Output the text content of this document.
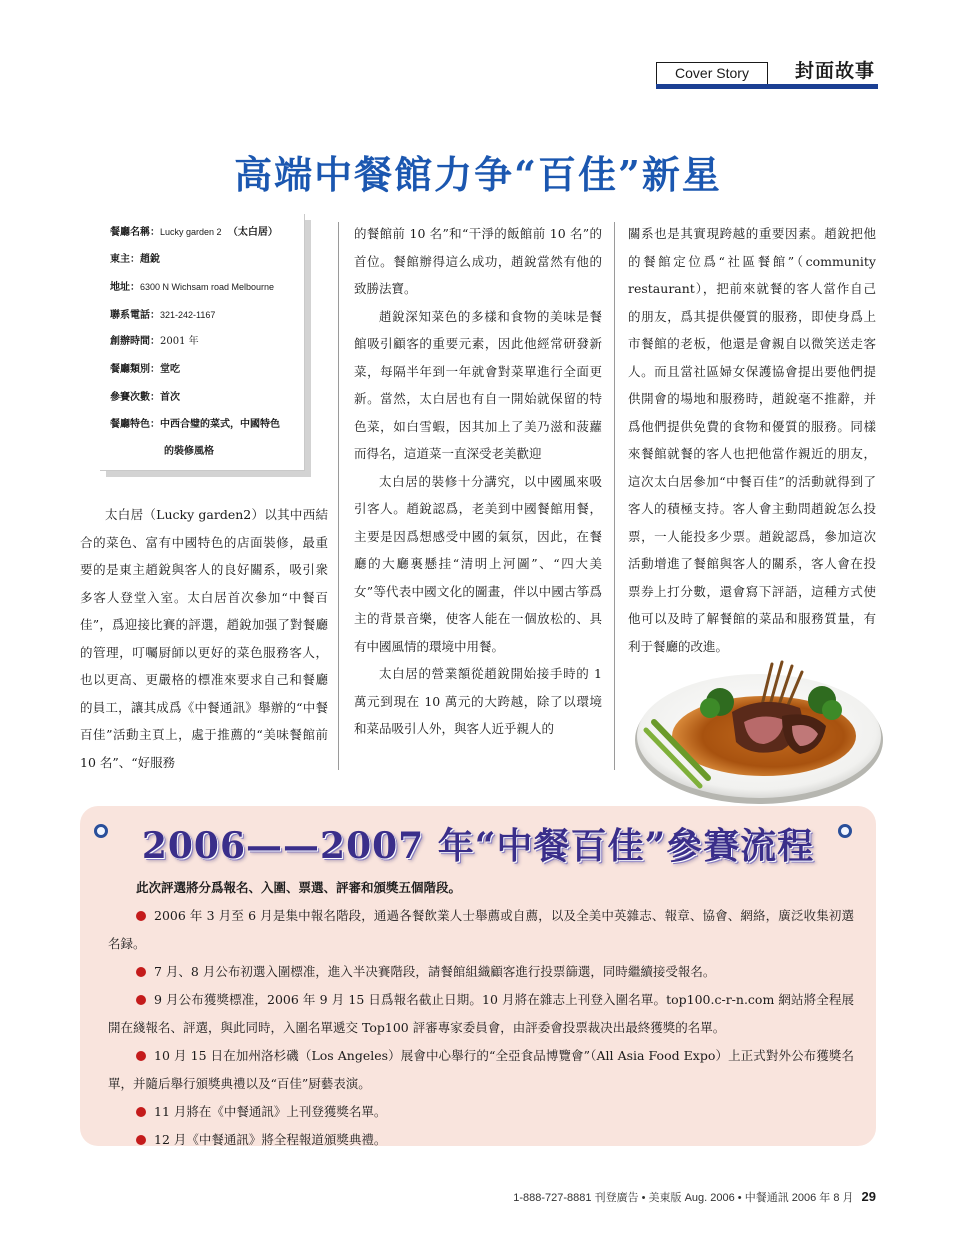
Cover Story	封面故事
高端中餐館力争“百佳”新星
餐廳名稱：Lucky garden 2 （太白居）
東主：趙銳
地址：6300 N Wichsam road Melbourne
聯系電話：321-242-1167
創辦時間：2001 年
餐廳類別：堂吃
參賽次數：首次
餐廳特色：中西合璧的菜式，中國特色
的裝修風格

太白居（Lucky garden2）以其中西結合的菜色、富有中國特色的店面裝修，最重要的是東主趙銳與客人的良好關系，吸引衆多客人登堂入室。太白居首次參加“中餐百佳”，爲迎接比賽的評選，趙銳加强了對餐廳的管理，叮囑厨師以更好的菜色服務客人，也以更高、更嚴格的標准來要求自己和餐廳的員工，讓其成爲《中餐通訊》舉辦的“中餐百佳”活動主頁上，處于推薦的“美味餐館前 10 名”、“好服務

的餐館前 10 名”和“干淨的飯館前 10 名”的首位。餐館辦得這么成功，趙銳當然有他的致勝法寶。

趙銳深知菜色的多樣和食物的美味是餐館吸引顧客的重要元素，因此他經常研發新菜，每隔半年到一年就會對菜單進行全面更新。當然，太白居也有自一開始就保留的特色菜，如白雪蝦，因其加上了美乃滋和菠蘿而得名，這道菜一直深受老美歡迎

太白居的裝修十分講究，以中國風來吸引客人。趙銳認爲，老美到中國餐館用餐，主要是因爲想感受中國的氣氛，因此，在餐廳的大廳裏懸挂“清明上河圖”、“四大美女”等代表中國文化的圖畫，伴以中國古筝爲主的背景音樂，使客人能在一個放松的、具有中國風情的環境中用餐。

太白居的營業額從趙銳開始接手時的 1 萬元到現在 10 萬元的大跨越，除了以環境和菜品吸引人外，與客人近乎親人的

關系也是其實現跨越的重要因素。趙銳把他的餐館定位爲“社區餐館”（community restaurant），把前來就餐的客人當作自己的朋友，爲其提供優質的服務，即使身爲上市餐館的老板，他還是會親自以微笑送走客人。而且當社區婦女保護協會提出要他們提供開會的場地和服務時，趙銳毫不推辭，并爲他們提供免費的食物和優質的服務。同樣來餐館就餐的客人也把他當作親近的朋友，這次太白居參加“中餐百佳”的活動就得到了客人的積極支持。客人會主動問趙銳怎么投票，一人能投多少票。趙銳認爲，參加這次活動增進了餐館與客人的關系，客人會在投票券上打分數，還會寫下評語，這種方式使他可以及時了解餐館的菜品和服務質量，有利于餐廳的改進。

2006——2007 年“中餐百佳”參賽流程
此次評選將分爲報名、入圍、票選、評審和頒獎五個階段。

2006 年 3 月至 6 月是集中報名階段，通過各餐飲業人士舉薦或自薦，以及全美中英雜志、報章、協會、網絡，廣泛收集初選名録。

7 月、8 月公布初選入圍標准，進入半决賽階段，請餐館組織顧客進行投票篩選，同時繼續接受報名。

9 月公布獲獎標准，2006 年 9 月 15 日爲報名截止日期。10 月將在雜志上刊登入圍名單。top100.c-r-n.com 網站將全程展開在綫報名、評選，與此同時，入圍名單遞交 Top100 評審專家委員會，由評委會投票裁决出最終獲獎的名單。

10 月 15 日在加州洛杉磯（Los Angeles）展會中心舉行的“全亞食品博覽會”（All Asia Food Expo）上正式對外公布獲獎名單，并隨后舉行頒獎典禮以及“百佳”厨藝表演。

11 月將在《中餐通訊》上刊登獲獎名單。

12 月《中餐通訊》將全程報道頒獎典禮。

1-888-727-8881 刊登廣告 • 美東版 Aug. 2006 • 中餐通訊 2006 年 8 月 29
